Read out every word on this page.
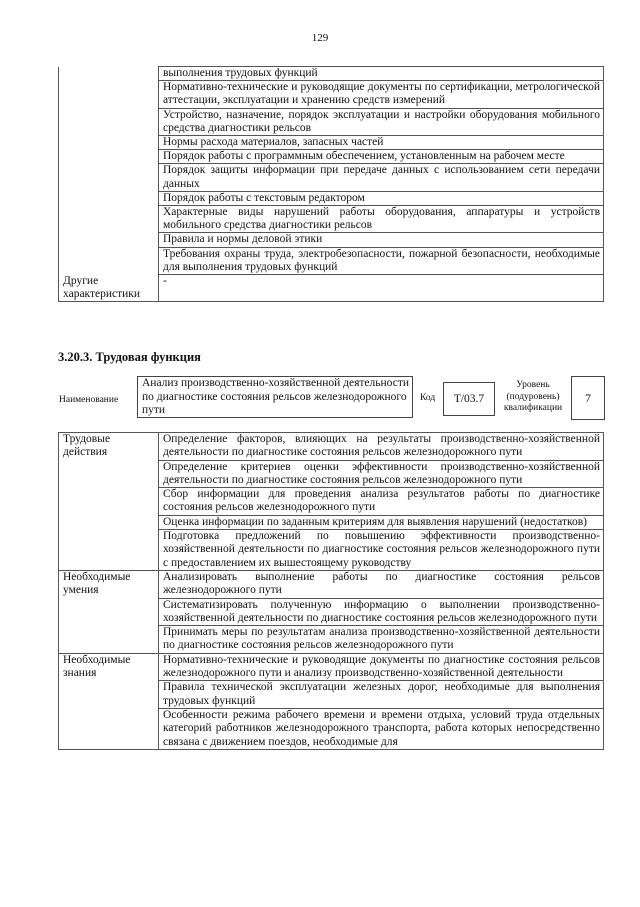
129
	выполнения трудовых функций
	Нормативно-технические и руководящие документы по сертификации, метрологической аттестации, эксплуатации и хранению средств измерений
	Устройство, назначение, порядок эксплуатации и настройки оборудования мобильного средства диагностики рельсов
	Нормы расхода материалов, запасных частей
	Порядок работы с программным обеспечением, установленным на рабочем месте
	Порядок защиты информации при передаче данных с использованием сети передачи данных
	Порядок работы с текстовым редактором
	Характерные виды нарушений работы оборудования, аппаратуры и устройств мобильного средства диагностики рельсов
	Правила и нормы деловой этики
	Требования охраны труда, электробезопасности, пожарной безопасности, необходимые для выполнения трудовых функций
Другие характеристики	-
3.20.3. Трудовая функция
Наименование
Анализ производственно-хозяйственной деятельности по диагностике состояния рельсов железнодорожного пути
Код	Т/03.7
Уровень (подуровень) квалификации
7
Трудовые действия	Определение факторов, влияющих на результаты производственно-хозяйственной деятельности по диагностике состояния рельсов железнодорожного пути
	Определение критериев оценки эффективности производственно-хозяйственной деятельности по диагностике состояния рельсов железнодорожного пути
	Сбор информации для проведения анализа результатов работы по диагностике состояния рельсов железнодорожного пути
	Оценка информации по заданным критериям для выявления нарушений (недостатков)
	Подготовка предложений по повышению эффективности производственно-хозяйственной деятельности по диагностике состояния рельсов железнодорожного пути с предоставлением их вышестоящему руководству
Необходимые умения	Анализировать выполнение работы по диагностике состояния рельсов железнодорожного пути
	Систематизировать полученную информацию о выполнении производственно-хозяйственной деятельности по диагностике состояния рельсов железнодорожного пути
	Принимать меры по результатам анализа производственно-хозяйственной деятельности по диагностике состояния рельсов железнодорожного пути
Необходимые знания	Нормативно-технические и руководящие документы по диагностике состояния рельсов железнодорожного пути и анализу производственно-хозяйственной деятельности
	Правила технической эксплуатации железных дорог, необходимые для выполнения трудовых функций
	Особенности режима рабочего времени и времени отдыха, условий труда отдельных категорий работников железнодорожного транспорта, работа которых непосредственно связана с движением поездов, необходимые для
